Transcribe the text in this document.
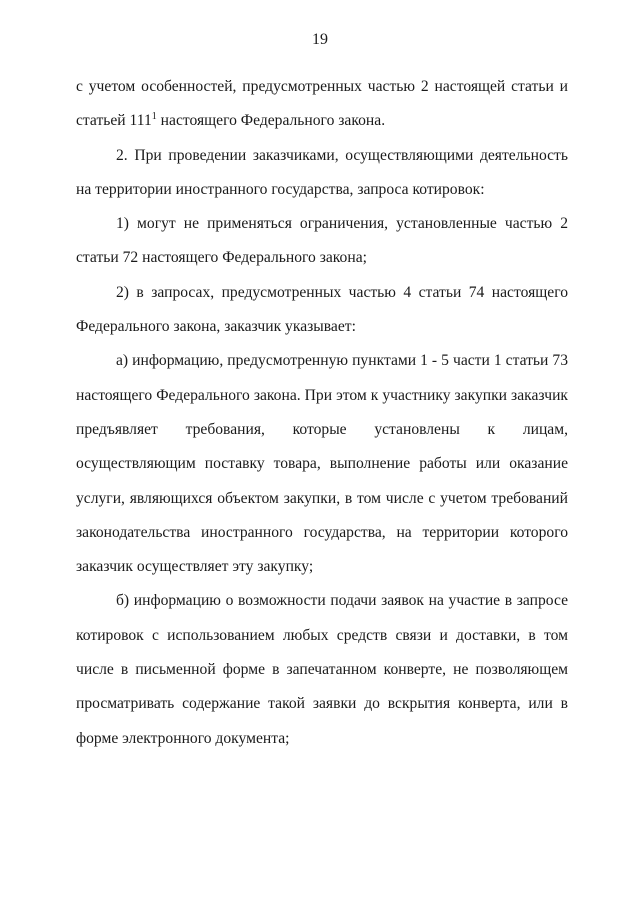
19

с учетом особенностей, предусмотренных частью 2 настоящей статьи и статьей $111^1$ настоящего Федерального закона.

2. При проведении заказчиками, осуществляющими деятельность на территории иностранного государства, запроса котировок:

1) могут не применяться ограничения, установленные частью 2 статьи 72 настоящего Федерального закона;

2) в запросах, предусмотренных частью 4 статьи 74 настоящего Федерального закона, заказчик указывает:

а) информацию, предусмотренную пунктами 1 - 5 части 1 статьи 73 настоящего Федерального закона. При этом к участнику закупки заказчик предъявляет требования, которые установлены к лицам, осуществляющим поставку товара, выполнение работы или оказание услуги, являющихся объектом закупки, в том числе с учетом требований законодательства иностранного государства, на территории которого заказчик осуществляет эту закупку;

б) информацию о возможности подачи заявок на участие в запросе котировок с использованием любых средств связи и доставки, в том числе в письменной форме в запечатанном конверте, не позволяющем просматривать содержание такой заявки до вскрытия конверта, или в форме электронного документа;
